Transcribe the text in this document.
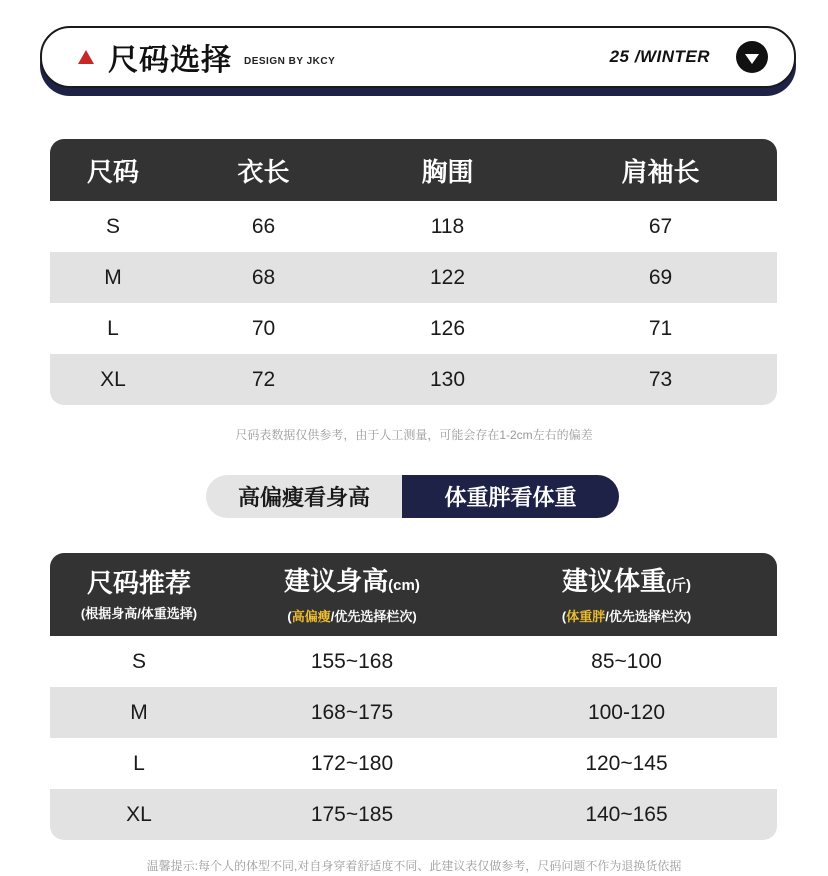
尺码选择 DESIGN BY JKCY	25 /WINTER
尺码	衣长	胸围	肩袖长
S	66	118	67
M	68	122	69
L	70	126	71
XL	72	130	73
尺码表数据仅供参考，由于人工测量，可能会存在1-2cm左右的偏差
高偏瘦看身高	体重胖看体重
尺码推荐
(根据身高/体重选择)
建议身高(cm)
(高偏瘦/优先选择栏次)
建议体重(斤)
(体重胖/优先选择栏次)
S	155~168	85~100
M	168~175	100-120
L	172~180	120~145
XL	175~185	140~165
温馨提示:每个人的体型不同,对自身穿着舒适度不同、此建议表仅做参考，尺码问题不作为退换货依据
